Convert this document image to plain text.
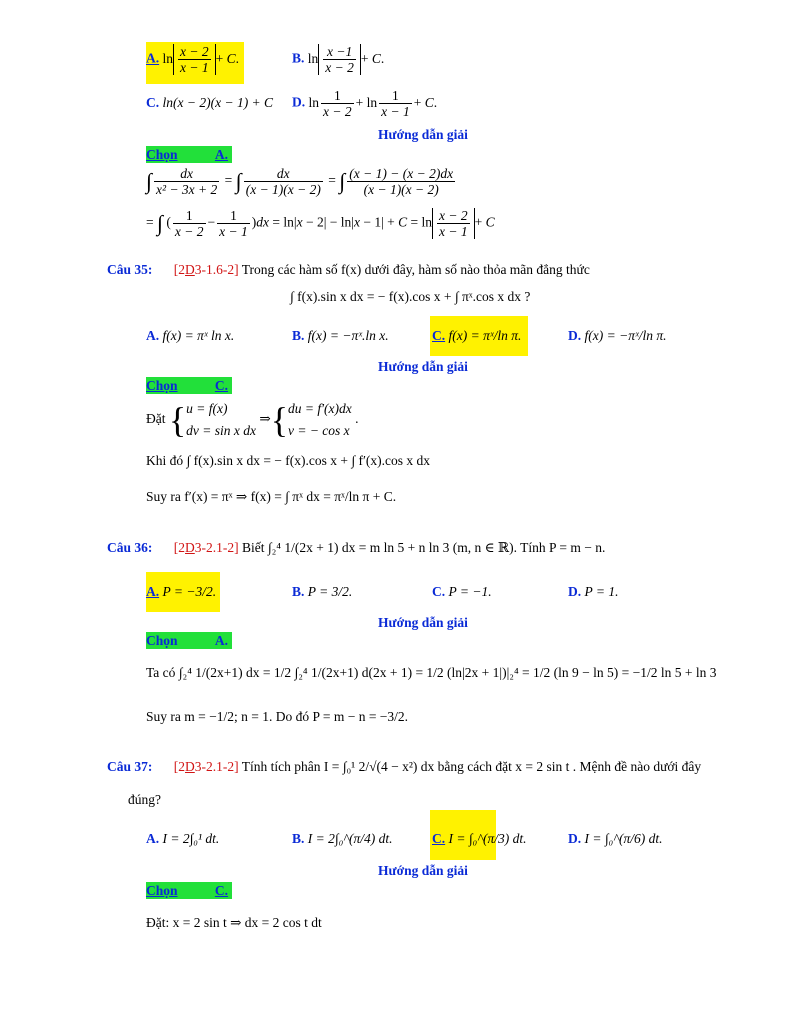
A. $\ln \frac{x - 2}{x - 1} + C$.	B. $\ln \frac{x -1}{x - 2} + C$.
C. ln(x − 2)(x − 1) + C D. $\ln \frac{1}{x - 2} + \ln \frac{1}{x - 1} + C$.
Hướng dẫn giải
Chọn	A.
∫ $\frac{dx}{\text{x² − 3x + 2}}$ = ∫ $\frac{dx}{(x - 1)(x - 2)}$ = ∫ $\frac{(x - 1) - (x - 2)dx}{(x - 1)(x - 2)}$
= ∫ ( $\frac{1}{x - 2} - \frac{1}{x - 1} )dx = \ln|x - 2| - \ln|x - 1| + C = \ln \frac{x - 2}{x - 1} + C$
Câu 35: [2D3-1.6-2] Trong các hàm số f(x) dưới đây, hàm số nào thỏa mãn đẳng thức
∫ f(x).sin x dx = − f(x).cos x + ∫ πˣ.cos x dx ?
A. f(x) = πˣ ln x.	B. f(x) = −πˣ.ln x.	C. f(x) = πˣ/ln π.	D. f(x) = −πˣ/ln π.
Hướng dẫn giải
Chọn	C.
Đặt { u = f(x)
dv = sin x dx
⇒{ du = f′(x)dx
v = − cos x
.
Khi đó ∫ f(x).sin x dx = − f(x).cos x + ∫ f′(x).cos x dx
Suy ra f′(x) = πˣ ⇒ f(x) = ∫ πˣ dx = πˣ/ln π + C.
Câu 36: [2D3-2.1-2] Biết ∫₂⁴ 1/(2x + 1) dx = m ln 5 + n ln 3 (m, n ∈ ℝ). Tính P = m − n.
A. P = −3/2.	B. P = 3/2.	C. P = −1.	D. P = 1.
Hướng dẫn giải
Chọn	A.
Ta có ∫₂⁴ 1/(2x+1) dx = 1/2 ∫₂⁴ 1/(2x+1) d(2x + 1) = 1/2 (ln|2x + 1|)|₂⁴ = 1/2 (ln 9 − ln 5) = −1/2 ln 5 + ln 3
Suy ra m = −1/2; n = 1. Do đó P = m − n = −3/2.
Câu 37: [2D3-2.1-2] Tính tích phân I = ∫₀¹ 2/√(4 − x²) dx bằng cách đặt x = 2 sin t . Mệnh đề nào dưới đây
đúng?
A. I = 2∫₀¹ dt.	B. I = 2∫₀^(π/4) dt.	C. I = ∫₀^(π/3) dt.	D. I = ∫₀^(π/6) dt.
Hướng dẫn giải
Chọn	C.
Đặt: x = 2 sin t ⇒ dx = 2 cos t dt
